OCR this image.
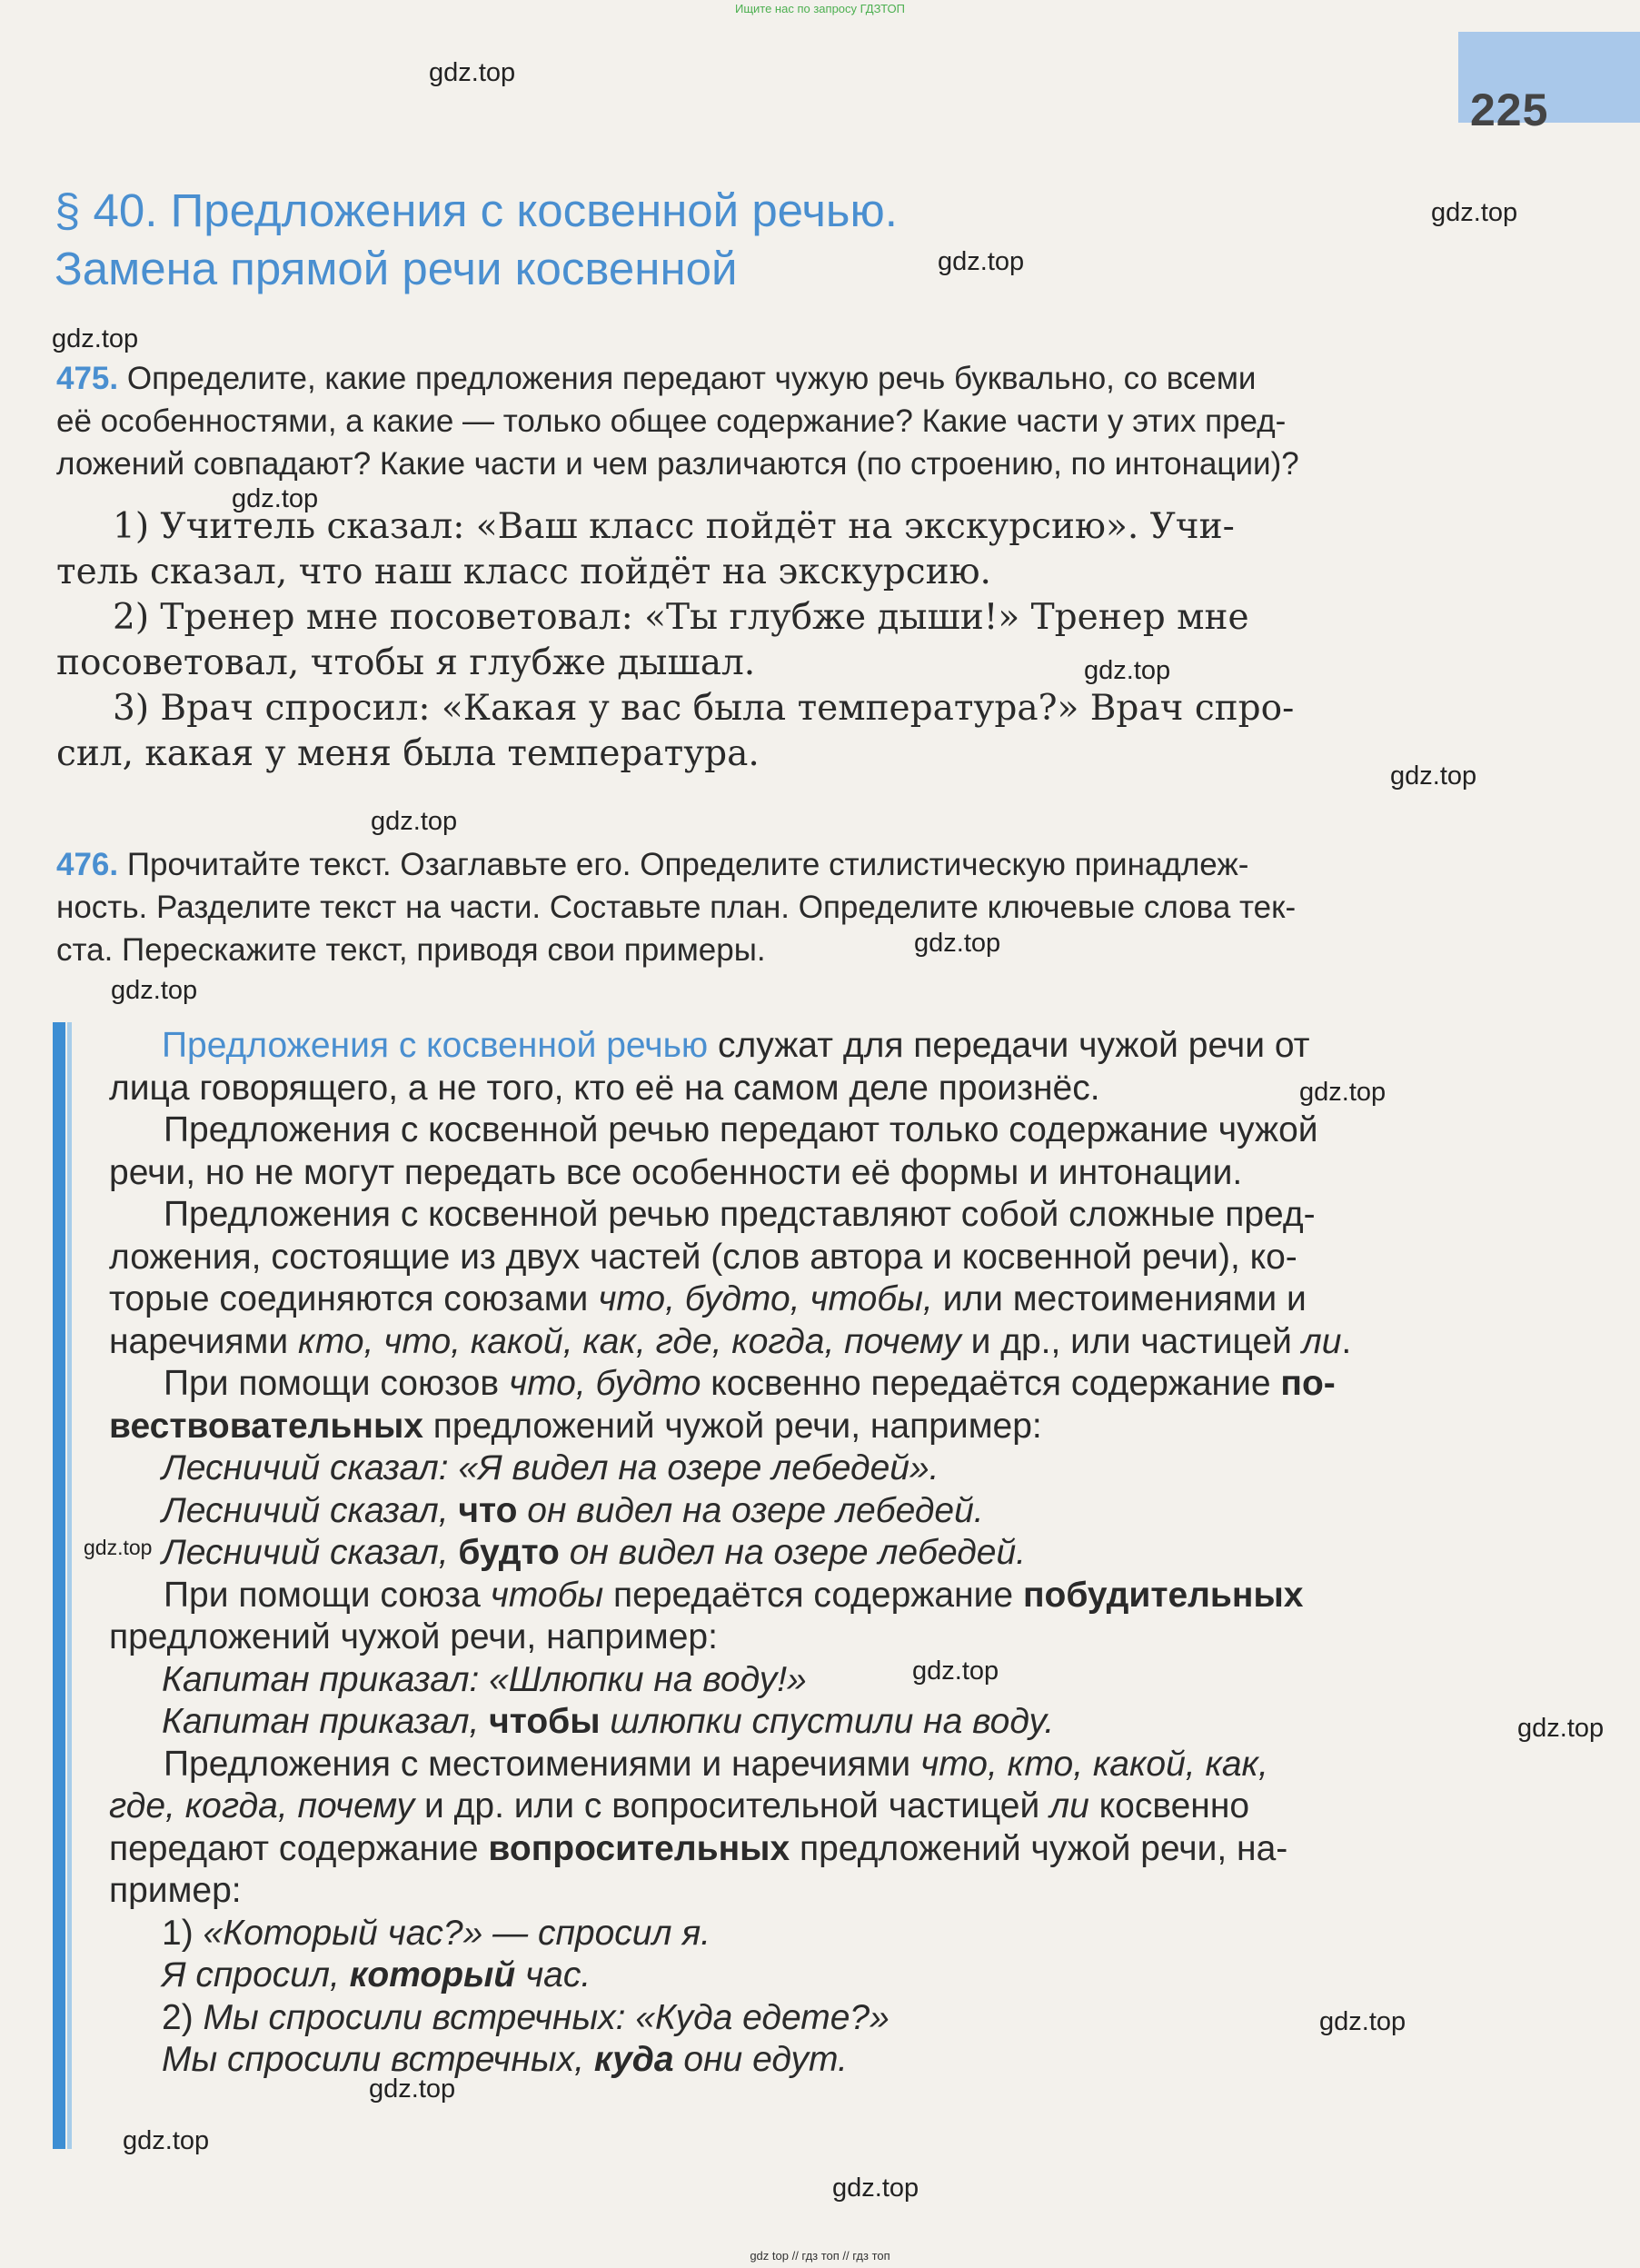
Ищите нас по запросу ГДЗТОП
225
§ 40. Предложения с косвенной речью.
Замена прямой речи косвенной
475. Определите, какие предложения передают чужую речь буквально, со всеми
её особенностями, а какие — только общее содержание? Какие части у этих пред-
ложений совпадают? Какие части и чем различаются (по строению, по интонации)?
1) Учитель сказал: «Ваш класс пойдёт на экскурсию». Учи-
тель сказал, что наш класс пойдёт на экскурсию.
2) Тренер мне посоветовал: «Ты глубже дыши!» Тренер мне
посоветовал, чтобы я глубже дышал.
3) Врач спросил: «Какая у вас была температура?» Врач спро-
сил, какая у меня была температура.
476. Прочитайте текст. Озаглавьте его. Определите стилистическую принадлеж-
ность. Разделите текст на части. Составьте план. Определите ключевые слова тек-
ста. Перескажите текст, приводя свои примеры.
Предложения с косвенной речью служат для передачи чужой речи от
лица говорящего, а не того, кто её на самом деле произнёс.
Предложения с косвенной речью передают только содержание чужой
речи, но не могут передать все особенности её формы и интонации.
Предложения с косвенной речью представляют собой сложные пред-
ложения, состоящие из двух частей (слов автора и косвенной речи), ко-
торые соединяются союзами что, будто, чтобы, или местоимениями и
наречиями кто, что, какой, как, где, когда, почему и др., или частицей ли.
При помощи союзов что, будто косвенно передаётся содержание по-
вествовательных предложений чужой речи, например:
Лесничий сказал: «Я видел на озере лебедей».
Лесничий сказал, что он видел на озере лебедей.
Лесничий сказал, будто он видел на озере лебедей.
При помощи союза чтобы передаётся содержание побудительных
предложений чужой речи, например:
Капитан приказал: «Шлюпки на воду!»
Капитан приказал, чтобы шлюпки спустили на воду.
Предложения с местоимениями и наречиями что, кто, какой, как,
где, когда, почему и др. или с вопросительной частицей ли косвенно
передают содержание вопросительных предложений чужой речи, на-
пример:
1) «Который час?» — спросил я.
Я спросил, который час.
2) Мы спросили встречных: «Куда едете?»
Мы спросили встречных, куда они едут.
gdz.top
gdz.top
gdz.top
gdz.top
gdz.top
gdz.top
gdz.top
gdz.top
gdz.top
gdz.top
gdz.top
gdz.top
gdz.top
gdz.top
gdz.top
gdz.top
gdz.top
gdz.top
gdz top // гдз топ // гдз топ
